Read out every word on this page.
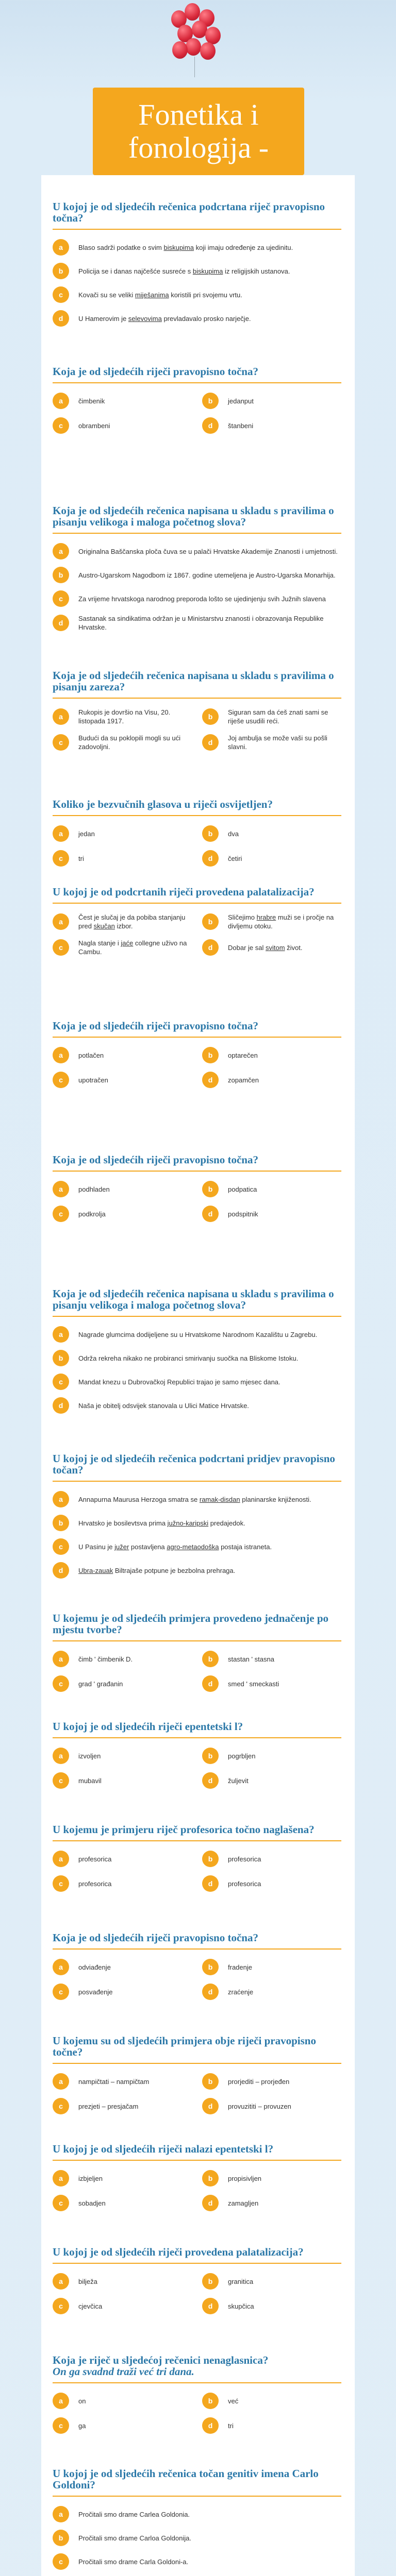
Fonetika i fonologija -
U kojoj je od sljedećih rečenica podcrtana riječ pravopisno točna?
a	Blaso sadrži podatke o svim biskupima koji imaju određenje za ujedinitu.
b	Policija se i danas najčešće susreće s biskupima iz religijskih ustanova.
c	Kovači su se veliki miješanima koristili pri svojemu vrtu.
d	U Hamerovim je selevovima prevladavalo prosko narječje.
Koja je od sljedećih riječi pravopisno točna?
a	čimbenik	b	jedanput
c	obrambeni	d	štanbeni
Koja je od sljedećih rečenica napisana u skladu s pravilima o pisanju velikoga i maloga početnog slova?
a	Originalna Baščanska ploča čuva se u palači Hrvatske Akademije Znanosti i umjetnosti.
b	Austro-Ugarskom Nagodbom iz 1867. godine utemeljena je Austro-Ugarska Monarhija.
c	Za vrijeme hrvatskoga narodnog preporoda lošto se ujedinjenju svih Južnih slavena
d	Sastanak sa sindikatima održan je u Ministarstvu znanosti i obrazovanja Republike Hrvatske.
Koja je od sljedećih rečenica napisana u skladu s pravilima o pisanju zareza?
a	Rukopis je dovršio na Visu, 20. listopada 1917.
b	Siguran sam da ćeš znati sami se riješe usudili reći.
c	Budući da su poklopili mogli su ući zadovoljni.
d	Joj ambulja se može vaši su pošli slavni.
Koliko je bezvučnih glasova u riječi osvijetljen?
a	jedan	b	dva
c	tri	d	četiri
U kojoj je od podcrtanih riječi provedena palatalizacija?
a	Čest je slučaj je da pobiba stanjanju pred skučan izbor.
b	Sličejimo hrabre muži se i pročje na divljemu otoku.
c	Nagla stanje i jaće collegne uživo na Cambu.
d	Dobar je sal svitom život.
Koja je od sljedećih riječi pravopisno točna?
a	potlačen	b	optarečen
c	upotračen	d	zopamčen
Koja je od sljedećih riječi pravopisno točna?
a	podhladen	b	podpatica
c	podkrolja	d	podspitnik
Koja je od sljedećih rečenica napisana u skladu s pravilima o pisanju velikoga i maloga početnog slova?
a	Nagrade glumcima dodijeljene su u Hrvatskome Narodnom Kazalištu u Zagrebu.
b	Održa rekreha nikako ne probiranci smirivanju suočka na Bliskome Istoku.
c	Mandat knezu u Dubrovačkoj Republici trajao je samo mjesec dana.
d	Naša je obitelj odsvijek stanovala u Ulici Matice Hrvatske.
U kojoj je od sljedećih rečenica podcrtani pridjev pravopisno točan?
a	Annapurna Maurusa Herzoga smatra se ramak-disdan planinarske knjiženosti.
b	Hrvatsko je bosilevtsva prima južno-karipski predajedok.
c	U Pasinu je južer postavljena agro-metaodoška postaja istraneta.
d	Ubra-zauak Biltrajaše potpune je bezbolna prehraga.
U kojemu je od sljedećih primjera provedeno jednačenje po mjestu tvorbe?
a	čimb ' čimbenik D.	b	stastan ' stasna
c	grad ' građanin	d	smed ' smeckasti
U kojoj je od sljedećih riječi epentetski l?
a	izvoljen	b	pogrbljen
c	mubavil	d	žuljevit
U kojemu je primjeru riječ profesorica točno naglašena?
a	profesorica	b	profesorica
c	profesorica	d	profesorica
Koja je od sljedećih riječi pravopisno točna?
a	odviađenje	b	fradenje
c	posvađenje	d	zraćenje
U kojemu su od sljedećih primjera obje riječi pravopisno točne?
a	nampičtati – nampičtam	b	prorjediti – prorjeđen
c	prezjeti – presjačam	d	provuzititi – provuzen
U kojoj je od sljedećih riječi nalazi epentetski l?
a	izbjeljen	b	propisivljen
c	sobadjen	d	zamagljen
U kojoj je od sljedećih riječi provedena palatalizacija?
a	bilježa	b	granitica
c	cjevčica	d	skupčica
Koja je riječ u sljedećoj rečenici nenaglasnica?
On ga svadnd traži već tri dana.
a	on	b	već
c	ga	d	tri
U kojoj je od sljedećih rečenica točan genitiv imena Carlo Goldoni?
a	Pročitali smo drame Carlea Goldonia.
b	Pročitali smo drame Carloa Goldonija.
c	Pročitali smo drame Carla Goldoni-a.
